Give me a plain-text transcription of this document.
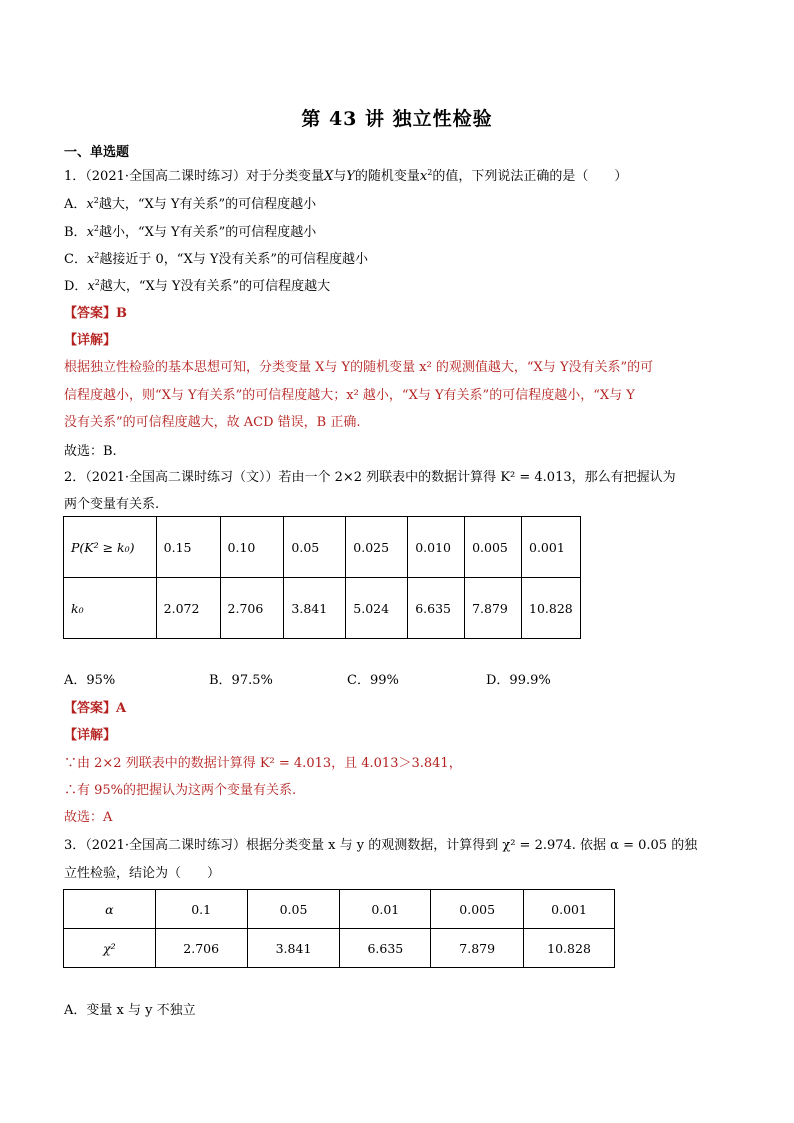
第 43 讲 独立性检验
一、单选题
1．（2021·全国高二课时练习）对于分类变量X与Y的随机变量$x^2$的值，下列说法正确的是（　　）
A．$x^2$越大，“X与 Y有关系”的可信程度越小
B．$x^2$越小，“X与 Y有关系”的可信程度越小
C．$x^2$越接近于 0，“X与 Y没有关系”的可信程度越小
D．$x^2$越大，“X与 Y没有关系”的可信程度越大
【答案】B
【详解】
根据独立性检验的基本思想可知，分类变量 X与 Y的随机变量 x² 的观测值越大，“X与 Y没有关系”的可
信程度越小，则“X与 Y有关系”的可信程度越大；x² 越小，“X与 Y有关系”的可信程度越小，“X与 Y
没有关系”的可信程度越大，故 ACD 错误，B 正确.
故选：B.
2．（2021·全国高二课时练习（文））若由一个 2×2 列联表中的数据计算得 K² = 4.013，那么有把握认为
两个变量有关系.
P(K² ≥ k₀)	0.15	0.10	0.05	0.025	0.010	0.005	0.001
k₀	2.072	2.706	3.841	5.024	6.635	7.879	10.828
A．95%	B．97.5%	C．99%	D．99.9%
【答案】A
【详解】
∵由 2×2 列联表中的数据计算得 K² = 4.013，且 4.013＞3.841，
∴有 95%的把握认为这两个变量有关系.
故选：A
3．（2021·全国高二课时练习）根据分类变量 x 与 y 的观测数据，计算得到 χ² = 2.974. 依据 α = 0.05 的独
立性检验，结论为（　　）
α	0.1	0.05	0.01	0.005	0.001
χ²	2.706	3.841	6.635	7.879	10.828
A．变量 x 与 y 不独立
